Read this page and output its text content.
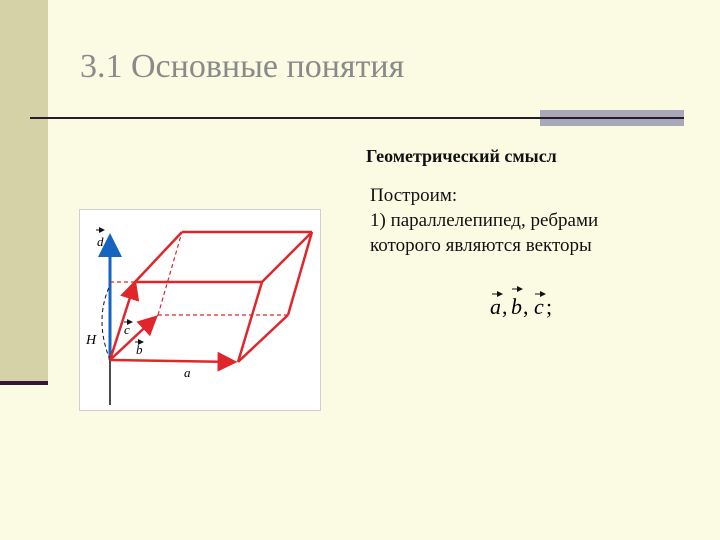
3.1 Основные понятия
Геометрический смысл
Построим:
1) параллелепипед, ребрами
которого являются векторы
a , b , c ;
d
H
c
b
a
